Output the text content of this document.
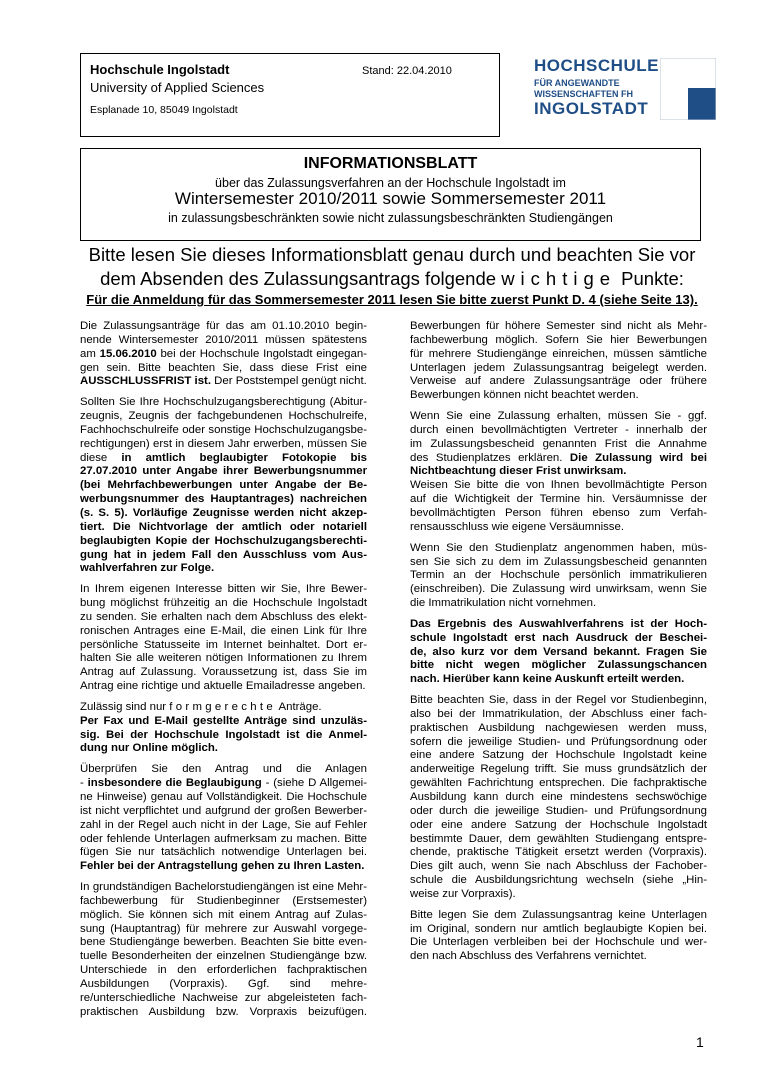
Hochschule Ingolstadt	Stand: 22.04.2010
University of Applied Sciences
Esplanade 10, 85049 Ingolstadt
HOCHSCHULE
FÜR ANGEWANDTE
WISSENSCHAFTEN FH
INGOLSTADT
INFORMATIONSBLATT
über das Zulassungsverfahren an der Hochschule Ingolstadt im
Wintersemester 2010/2011 sowie Sommersemester 2011
in zulassungsbeschränkten sowie nicht zulassungsbeschränkten Studiengängen
Bitte lesen Sie dieses Informationsblatt genau durch und beachten Sie vor
dem Absenden des Zulassungsantrags folgende wichtige Punkte:
Für die Anmeldung für das Sommersemester 2011 lesen Sie bitte zuerst Punkt D. 4 (siehe Seite 13).

Die Zulassungsanträge für das am 01.10.2010 begin-
nende Wintersemester 2010/2011 müssen spätestens
am 15.06.2010 bei der Hochschule Ingolstadt eingegan-
gen sein. Bitte beachten Sie, dass diese Frist eine
AUSSCHLUSSFRIST ist. Der Poststempel genügt nicht.

Sollten Sie Ihre Hochschulzugangsberechtigung (Abitur-
zeugnis, Zeugnis der fachgebundenen Hochschulreife,
Fachhochschulreife oder sonstige Hochschulzugangsbe-
rechtigungen) erst in diesem Jahr erwerben, müssen Sie
diese in amtlich beglaubigter Fotokopie bis
27.07.2010 unter Angabe ihrer Bewerbungsnummer
(bei Mehrfachbewerbungen unter Angabe der Be-
werbungsnummer des Hauptantrages) nachreichen
(s. S. 5). Vorläufige Zeugnisse werden nicht akzep-
tiert. Die Nichtvorlage der amtlich oder notariell
beglaubigten Kopie der Hochschulzugangsberechti-
gung hat in jedem Fall den Ausschluss vom Aus-
wahlverfahren zur Folge.

In Ihrem eigenen Interesse bitten wir Sie, Ihre Bewer-
bung möglichst frühzeitig an die Hochschule Ingolstadt
zu senden. Sie erhalten nach dem Abschluss des elekt-
ronischen Antrages eine E-Mail, die einen Link für Ihre
persönliche Statusseite im Internet beinhaltet. Dort er-
halten Sie alle weiteren nötigen Informationen zu Ihrem
Antrag auf Zulassung. Voraussetzung ist, dass Sie im
Antrag eine richtige und aktuelle Emailadresse angeben.

Zulässig sind nur formgerechte Anträge.
Per Fax und E-Mail gestellte Anträge sind unzuläs-
sig. Bei der Hochschule Ingolstadt ist die Anmel-
dung nur Online möglich.

Überprüfen Sie den Antrag und die Anlagen
- insbesondere die Beglaubigung - (siehe D Allgemei-
ne Hinweise) genau auf Vollständigkeit. Die Hochschule
ist nicht verpflichtet und aufgrund der großen Bewerber-
zahl in der Regel auch nicht in der Lage, Sie auf Fehler
oder fehlende Unterlagen aufmerksam zu machen. Bitte
fügen Sie nur tatsächlich notwendige Unterlagen bei.
Fehler bei der Antragstellung gehen zu Ihren Lasten.

In grundständigen Bachelorstudiengängen ist eine Mehr-
fachbewerbung für Studienbeginner (Erstsemester)
möglich. Sie können sich mit einem Antrag auf Zulas-
sung (Hauptantrag) für mehrere zur Auswahl vorgege-
bene Studiengänge bewerben. Beachten Sie bitte even-
tuelle Besonderheiten der einzelnen Studiengänge bzw.
Unterschiede in den erforderlichen fachpraktischen
Ausbildungen (Vorpraxis). Ggf. sind mehre-
re/unterschiedliche Nachweise zur abgeleisteten fach-
praktischen Ausbildung bzw. Vorpraxis beizufügen.

Bewerbungen für höhere Semester sind nicht als Mehr-
fachbewerbung möglich. Sofern Sie hier Bewerbungen
für mehrere Studiengänge einreichen, müssen sämtliche
Unterlagen jedem Zulassungsantrag beigelegt werden.
Verweise auf andere Zulassungsanträge oder frühere
Bewerbungen können nicht beachtet werden.

Wenn Sie eine Zulassung erhalten, müssen Sie - ggf.
durch einen bevollmächtigten Vertreter - innerhalb der
im Zulassungsbescheid genannten Frist die Annahme
des Studienplatzes erklären. Die Zulassung wird bei
Nichtbeachtung dieser Frist unwirksam.
Weisen Sie bitte die von Ihnen bevollmächtigte Person
auf die Wichtigkeit der Termine hin. Versäumnisse der
bevollmächtigten Person führen ebenso zum Verfah-
rensausschluss wie eigene Versäumnisse.

Wenn Sie den Studienplatz angenommen haben, müs-
sen Sie sich zu dem im Zulassungsbescheid genannten
Termin an der Hochschule persönlich immatrikulieren
(einschreiben). Die Zulassung wird unwirksam, wenn Sie
die Immatrikulation nicht vornehmen.

Das Ergebnis des Auswahlverfahrens ist der Hoch-
schule Ingolstadt erst nach Ausdruck der Beschei-
de, also kurz vor dem Versand bekannt. Fragen Sie
bitte nicht wegen möglicher Zulassungschancen
nach. Hierüber kann keine Auskunft erteilt werden.

Bitte beachten Sie, dass in der Regel vor Studienbeginn,
also bei der Immatrikulation, der Abschluss einer fach-
praktischen Ausbildung nachgewiesen werden muss,
sofern die jeweilige Studien- und Prüfungsordnung oder
eine andere Satzung der Hochschule Ingolstadt keine
anderweitige Regelung trifft. Sie muss grundsätzlich der
gewählten Fachrichtung entsprechen. Die fachpraktische
Ausbildung kann durch eine mindestens sechswöchige
oder durch die jeweilige Studien- und Prüfungsordnung
oder eine andere Satzung der Hochschule Ingolstadt
bestimmte Dauer, dem gewählten Studiengang entspre-
chende, praktische Tätigkeit ersetzt werden (Vorpraxis).
Dies gilt auch, wenn Sie nach Abschluss der Fachober-
schule die Ausbildungsrichtung wechseln (siehe „Hin-
weise zur Vorpraxis).

Bitte legen Sie dem Zulassungsantrag keine Unterlagen
im Original, sondern nur amtlich beglaubigte Kopien bei.
Die Unterlagen verbleiben bei der Hochschule und wer-
den nach Abschluss des Verfahrens vernichtet.

1
